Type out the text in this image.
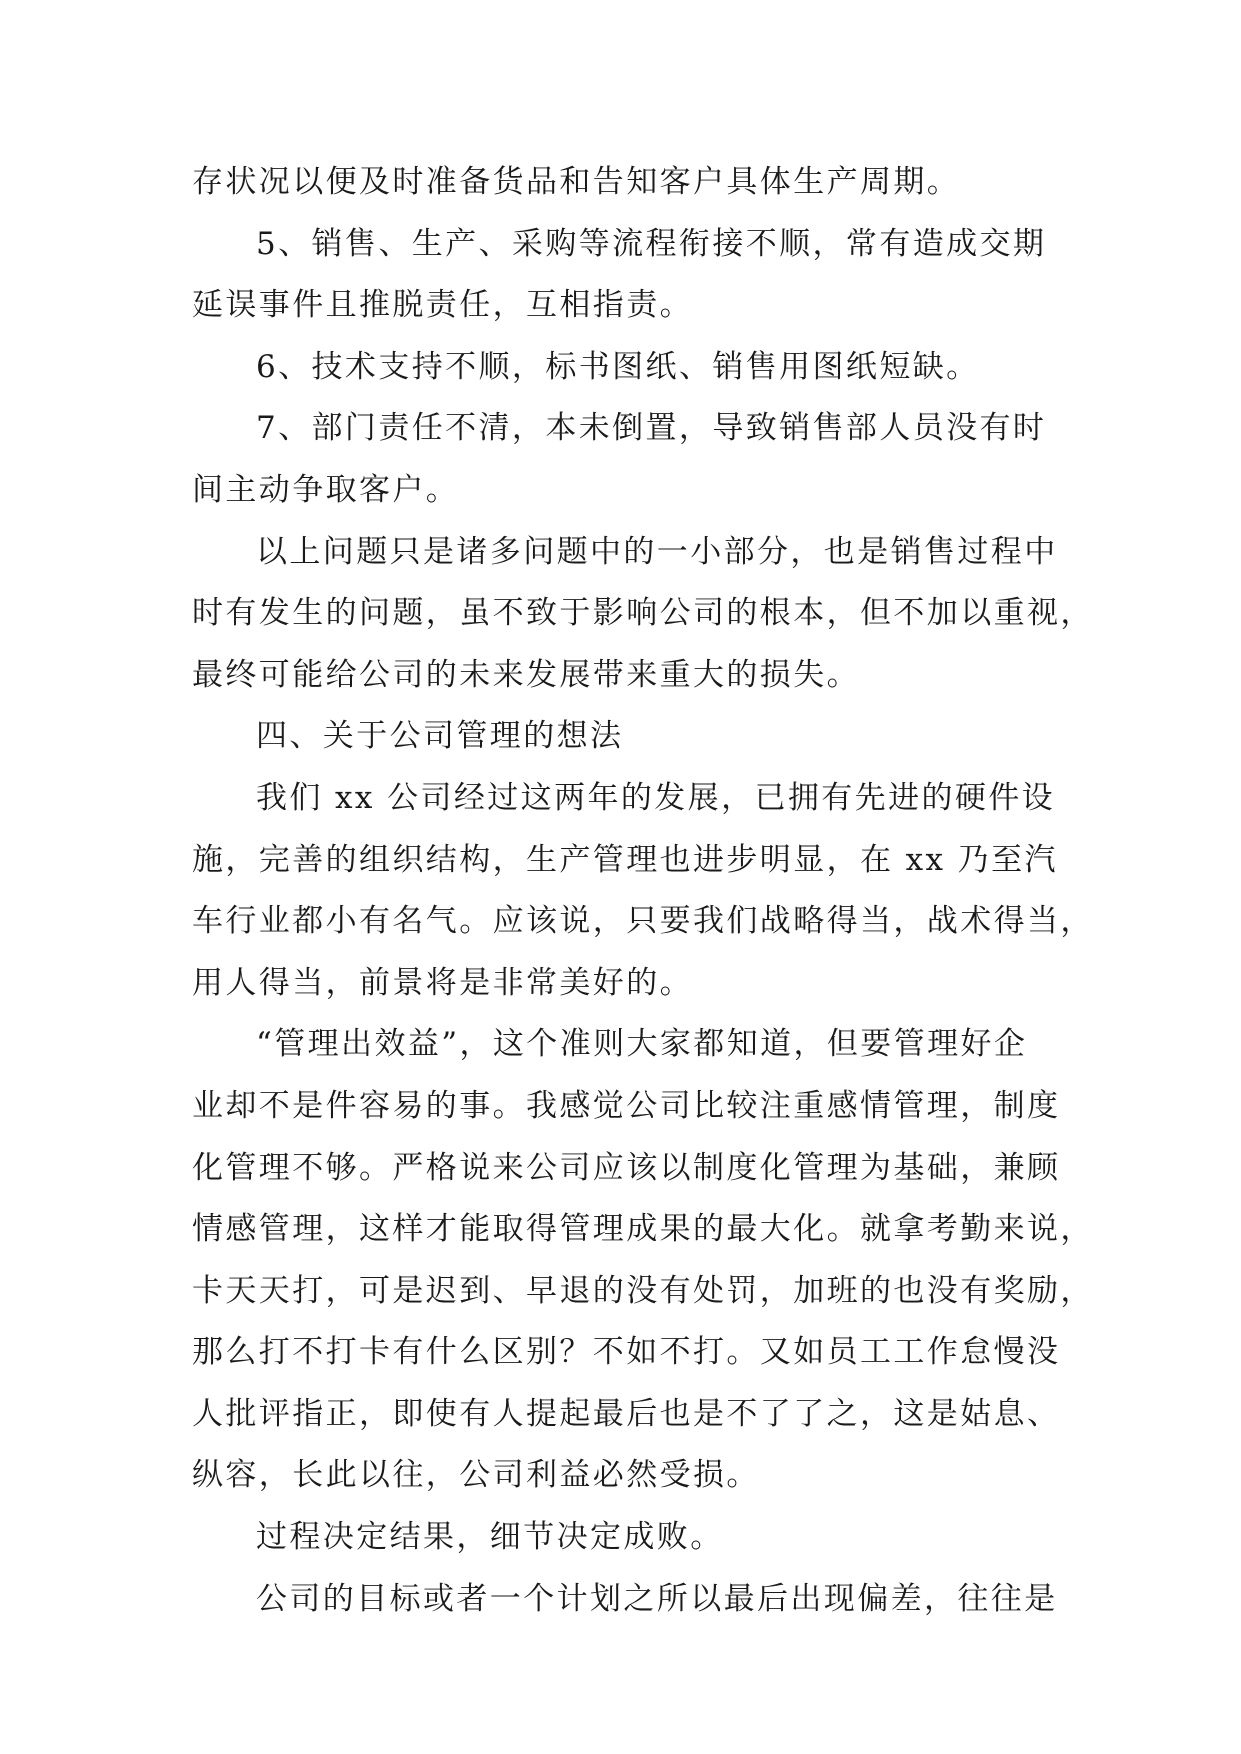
存状况以便及时准备货品和告知客户具体生产周期。
5、销售、生产、采购等流程衔接不顺，常有造成交期
延误事件且推脱责任，互相指责。
6、技术支持不顺，标书图纸、销售用图纸短缺。
7、部门责任不清，本未倒置，导致销售部人员没有时
间主动争取客户。
以上问题只是诸多问题中的一小部分，也是销售过程中
时有发生的问题，虽不致于影响公司的根本，但不加以重视，
最终可能给公司的未来发展带来重大的损失。
四、关于公司管理的想法
我们 xx 公司经过这两年的发展，已拥有先进的硬件设
施，完善的组织结构，生产管理也进步明显，在 xx 乃至汽
车行业都小有名气。应该说，只要我们战略得当，战术得当，
用人得当，前景将是非常美好的。
“管理出效益”，这个准则大家都知道，但要管理好企
业却不是件容易的事。我感觉公司比较注重感情管理，制度
化管理不够。严格说来公司应该以制度化管理为基础，兼顾
情感管理，这样才能取得管理成果的最大化。就拿考勤来说，
卡天天打，可是迟到、早退的没有处罚，加班的也没有奖励，
那么打不打卡有什么区别？不如不打。又如员工工作怠慢没
人批评指正，即使有人提起最后也是不了了之，这是姑息、
纵容，长此以往，公司利益必然受损。
过程决定结果，细节决定成败。
公司的目标或者一个计划之所以最后出现偏差，往往是
